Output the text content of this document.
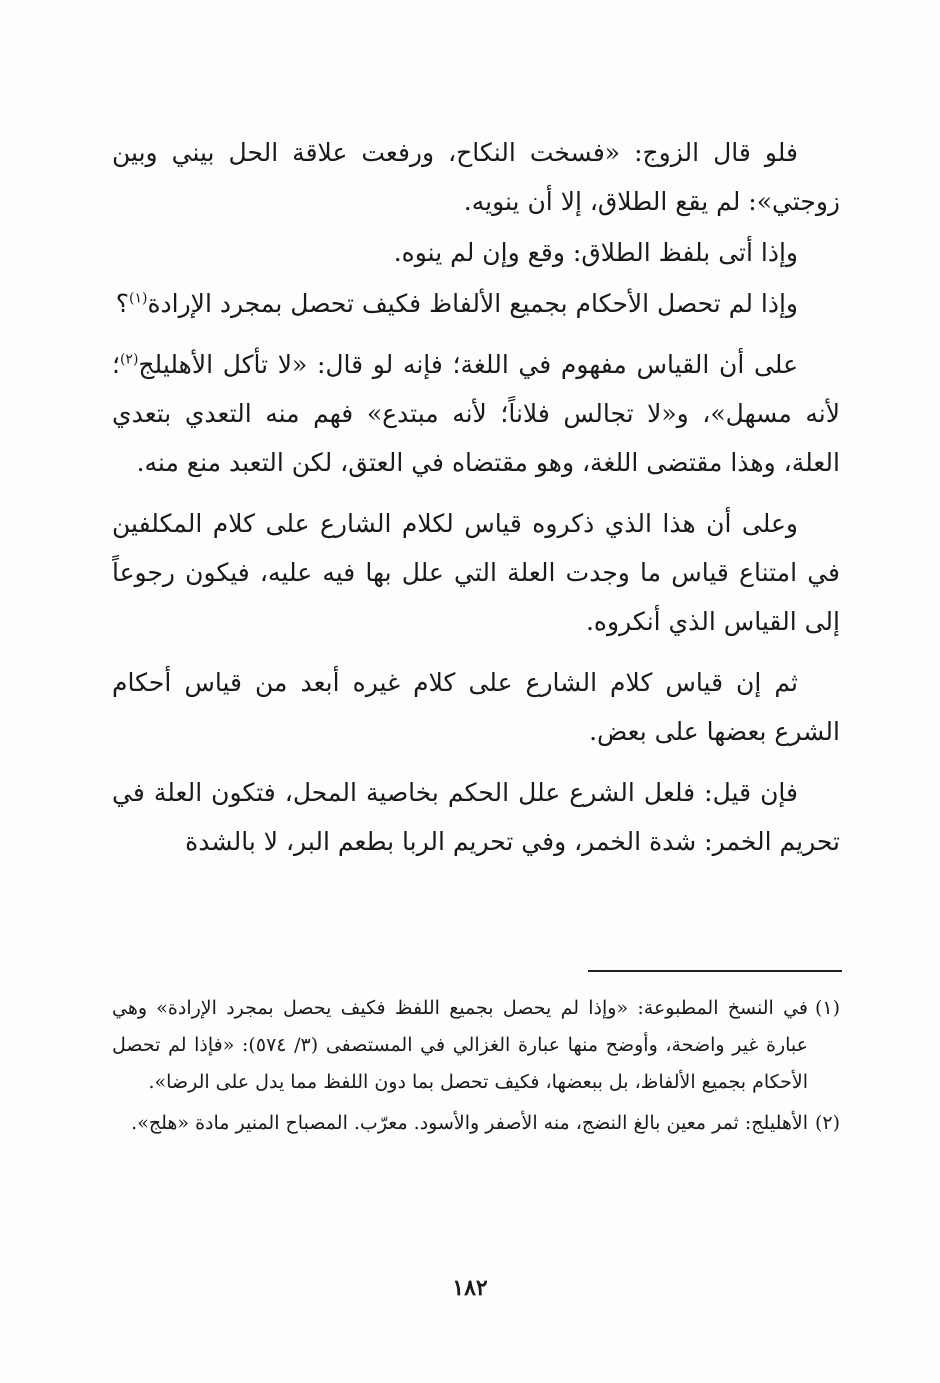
فلو قال الزوج: «فسخت النكاح، ورفعت علاقة الحل بيني وبين زوجتي»: لم يقع الطلاق، إلا أن ينويه.

وإذا أتى بلفظ الطلاق: وقع وإن لم ينوه.

وإذا لم تحصل الأحكام بجميع الألفاظ فكيف تحصل بمجرد الإرادة$^{(١)}$؟

على أن القياس مفهوم في اللغة؛ فإنه لو قال: «لا تأكل الأهليلج$^{(٢)}$؛ لأنه مسهل»، و«لا تجالس فلاناً؛ لأنه مبتدع» فهم منه التعدي بتعدي العلة، وهذا مقتضى اللغة، وهو مقتضاه في العتق، لكن التعبد منع منه.

وعلى أن هذا الذي ذكروه قياس لكلام الشارع على كلام المكلفين في امتناع قياس ما وجدت العلة التي علل بها فيه عليه، فيكون رجوعاً إلى القياس الذي أنكروه.

ثم إن قياس كلام الشارع على كلام غيره أبعد من قياس أحكام الشرع بعضها على بعض.

فإن قيل: فلعل الشرع علل الحكم بخاصية المحل، فتكون العلة في تحريم الخمر: شدة الخمر، وفي تحريم الربا بطعم البر، لا بالشدة

(١)في النسخ المطبوعة: «وإذا لم يحصل بجميع اللفظ فكيف يحصل بمجرد الإرادة» وهي عبارة غير واضحة، وأوضح منها عبارة الغزالي في المستصفى (٣/ ٥٧٤): «فإذا لم تحصل الأحكام بجميع الألفاظ، بل ببعضها، فكيف تحصل بما دون اللفظ مما يدل على الرضا».

(٢)الأهليلج: ثمر معين بالغ النضج، منه الأصفر والأسود. معرّب. المصباح المنير مادة «هلج».

١٨٢
